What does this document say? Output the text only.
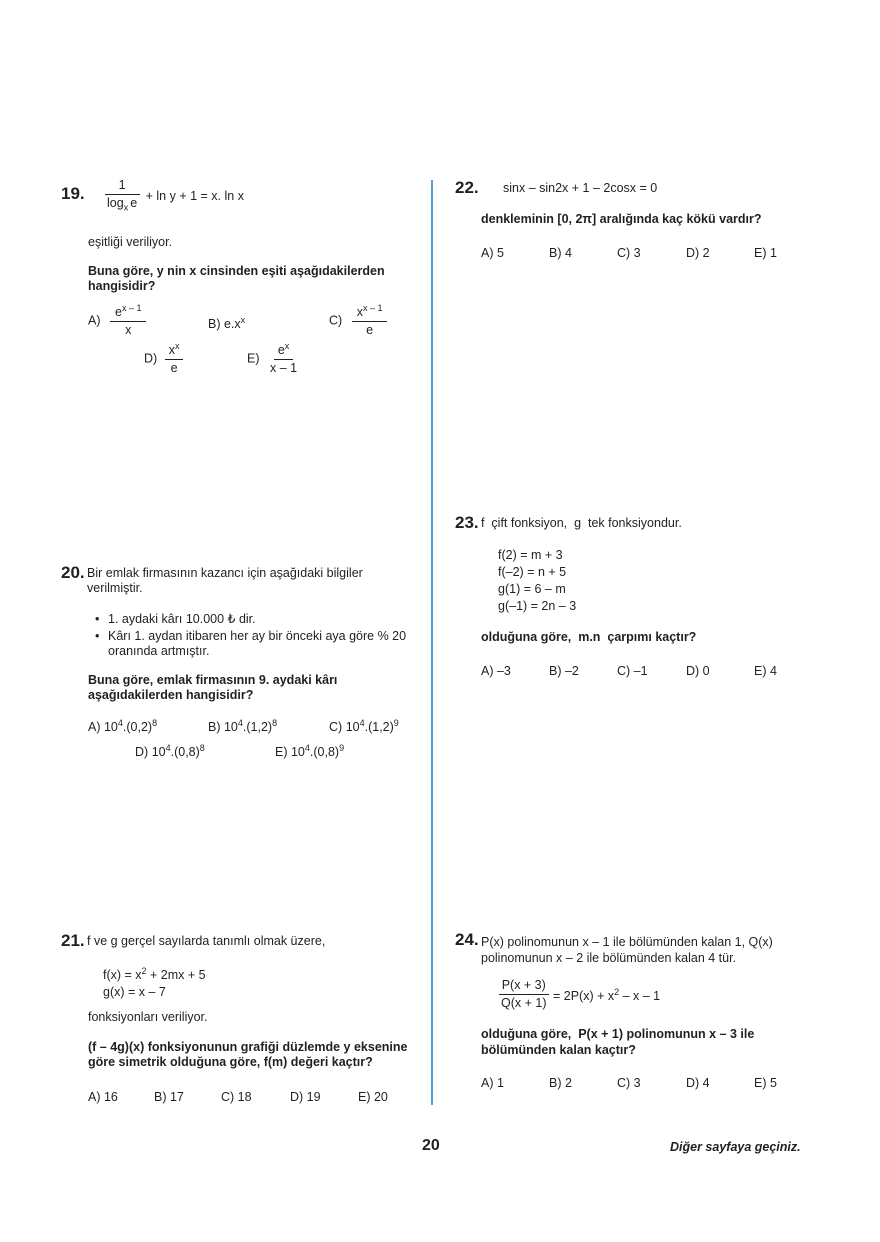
19. $\frac{1}{\log_x e} + \ln y + 1 = x$. ln x
eşitliği veriliyor.
Buna göre, y nin x cinsinden eşiti aşağıdakilerden hangisidir?
$A) \frac{e^{x - 1}}{x}$	B) $e.x^x$	$C) \frac{x^{x - 1}}{e}$
$D) \frac{x^x}{e}$	$E) \frac{e^x}{x - 1}$
20. Bir emlak firmasının kazancı için aşağıdaki bilgiler verilmiştir.
• 1. aydaki kârı 10.000 ₺ dir.
• Kârı 1. aydan itibaren her ay bir önceki aya göre % 20 oranında artmıştır.
Buna göre, emlak firmasının 9. aydaki kârı aşağıdakilerden hangisidir?
A) $10^4.(0,2)^8$	B) $10^4.(1,2)^8$	C) $10^4.(1,2)^9$
D) $10^4.(0,8)^8$	E) $10^4.(0,8)^9$
21. f ve g gerçel sayılarda tanımlı olmak üzere,
$f(x) = x^2 + 2mx + 5$
g(x) = x – 7
fonksiyonları veriliyor.
(f – 4g)(x) fonksiyonunun grafiği düzlemde y eksenine göre simetrik olduğuna göre, f(m) değeri kaçtır?
A) 16	B) 17	C) 18	D) 19	E) 20
22. sinx – sin2x + 1 – 2cosx = 0
denkleminin [0, 2π] aralığında kaç kökü vardır?
A) 5	B) 4	C) 3	D) 2	E) 1
23. f  çift fonksiyon,  g  tek fonksiyondur.
f(2) = m + 3
f(–2) = n + 5
g(1) = 6 – m
g(–1) = 2n – 3
olduğuna göre,  m.n  çarpımı kaçtır?
A) –3	B) –2	C) –1	D) 0	E) 4
24. P(x) polinomunun x – 1 ile bölümünden kalan 1, Q(x) polinomunun x – 2 ile bölümünden kalan 4 tür.
$\frac{P(x + 3)}{Q(x + 1)} = 2P(x) + x^2 - x - 1$
olduğuna göre,  P(x + 1) polinomunun x – 3 ile bölümünden kalan kaçtır?
A) 1	B) 2	C) 3	D) 4	E) 5
20	Diğer sayfaya geçiniz.
